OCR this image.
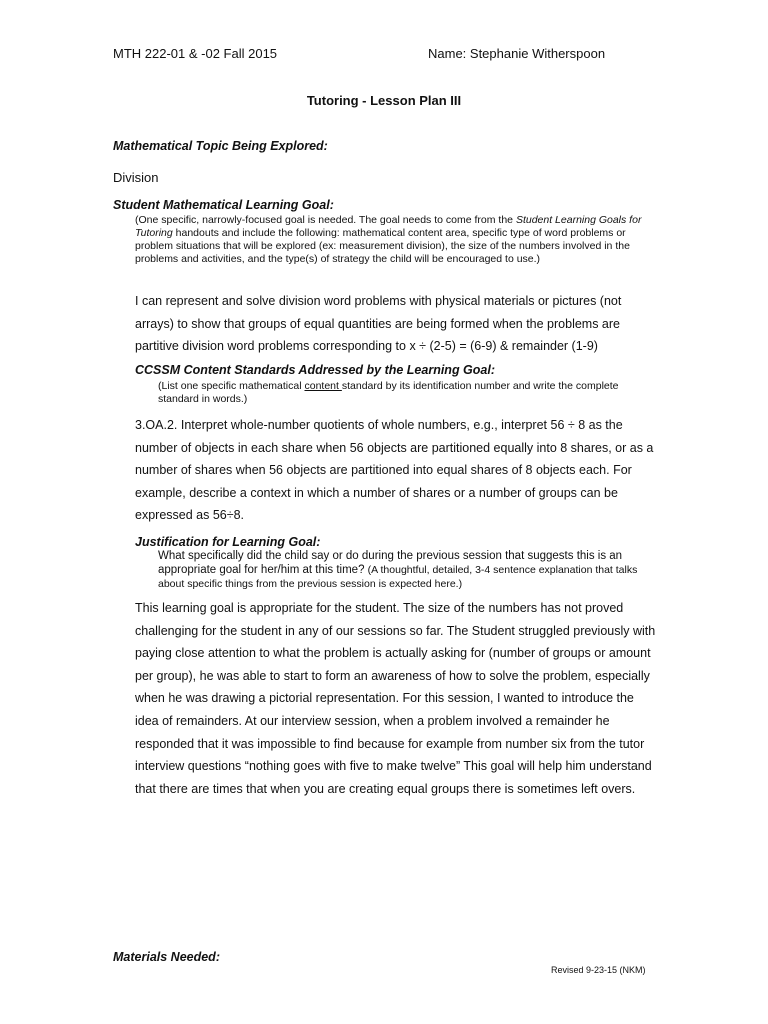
MTH 222-01 & -02 Fall 2015	Name: Stephanie Witherspoon
Tutoring - Lesson Plan III
Mathematical Topic Being Explored:
Division
Student Mathematical Learning Goal:
(One specific, narrowly-focused goal is needed. The goal needs to come from the Student Learning Goals for Tutoring handouts and include the following: mathematical content area, specific type of word problems or problem situations that will be explored (ex: measurement division), the size of the numbers involved in the problems and activities, and the type(s) of strategy the child will be encouraged to use.)
I can represent and solve division word problems with physical materials or pictures (not arrays) to show that groups of equal quantities are being formed when the problems are partitive division word problems corresponding to x ÷ (2-5) = (6-9) & remainder (1-9)
CCSSM Content Standards Addressed by the Learning Goal:
(List one specific mathematical content standard by its identification number and write the complete standard in words.)
3.OA.2. Interpret whole-number quotients of whole numbers, e.g., interpret 56 ÷ 8 as the number of objects in each share when 56 objects are partitioned equally into 8 shares, or as a number of shares when 56 objects are partitioned into equal shares of 8 objects each. For example, describe a context in which a number of shares or a number of groups can be expressed as 56÷8.
Justification for Learning Goal:
What specifically did the child say or do during the previous session that suggests this is an appropriate goal for her/him at this time? (A thoughtful, detailed, 3-4 sentence explanation that talks about specific things from the previous session is expected here.)
This learning goal is appropriate for the student. The size of the numbers has not proved challenging for the student in any of our sessions so far. The Student struggled previously with paying close attention to what the problem is actually asking for (number of groups or amount per group), he was able to start to form an awareness of how to solve the problem, especially when he was drawing a pictorial representation. For this session, I wanted to introduce the idea of remainders. At our interview session, when a problem involved a remainder he responded that it was impossible to find because for example from number six from the tutor interview questions “nothing goes with five to make twelve” This goal will help him understand that there are times that when you are creating equal groups there is sometimes left overs.
Materials Needed:
Revised 9-23-15 (NKM)
